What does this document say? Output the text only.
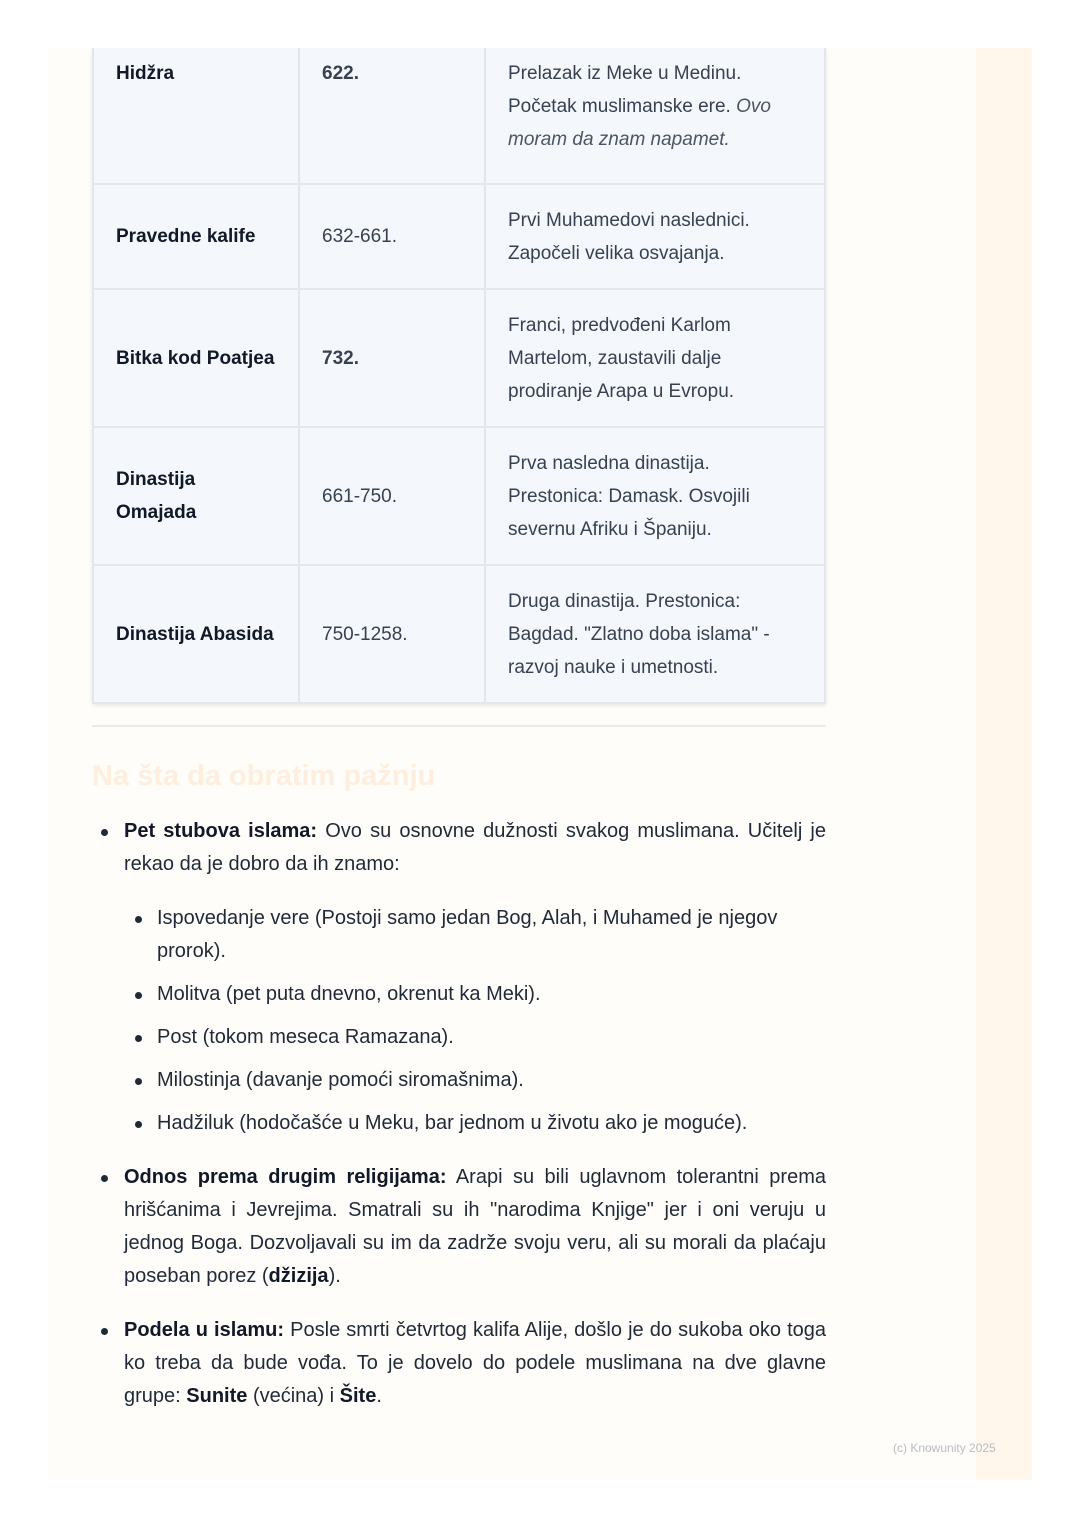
Hidžra	622.	Prelazak iz Meke u Medinu. Početak muslimanske ere. Ovo moram da znam napamet.
Pravedne kalife	632-661.	Prvi Muhamedovi naslednici. Započeli velika osvajanja.
Bitka kod Poatjea	732.	Franci, predvođeni Karlom Martelom, zaustavili dalje prodiranje Arapa u Evropu.
Dinastija Omajada	661-750.	Prva nasledna dinastija. Prestonica: Damask. Osvojili severnu Afriku i Španiju.
Dinastija Abasida	750-1258.	Druga dinastija. Prestonica: Bagdad. "Zlatno doba islama" - razvoj nauke i umetnosti.
Na šta da obratim pažnju
Pet stubova islama: Ovo su osnovne dužnosti svakog muslimana. Učitelj je rekao da je dobro da ih znamo:
Ispovedanje vere (Postoji samo jedan Bog, Alah, i Muhamed je njegov prorok).
Molitva (pet puta dnevno, okrenut ka Meki).
Post (tokom meseca Ramazana).
Milostinja (davanje pomoći siromašnima).
Hadžiluk (hodočašće u Meku, bar jednom u životu ako je moguće).
Odnos prema drugim religijama: Arapi su bili uglavnom tolerantni prema hrišćanima i Jevrejima. Smatrali su ih "narodima Knjige" jer i oni veruju u jednog Boga. Dozvoljavali su im da zadrže svoju veru, ali su morali da plaćaju poseban porez (džizija).
Podela u islamu: Posle smrti četvrtog kalifa Alije, došlo je do sukoba oko toga ko treba da bude vođa. To je dovelo do podele muslimana na dve glavne grupe: Sunite (većina) i Šite.
(c) Knowunity 2025
